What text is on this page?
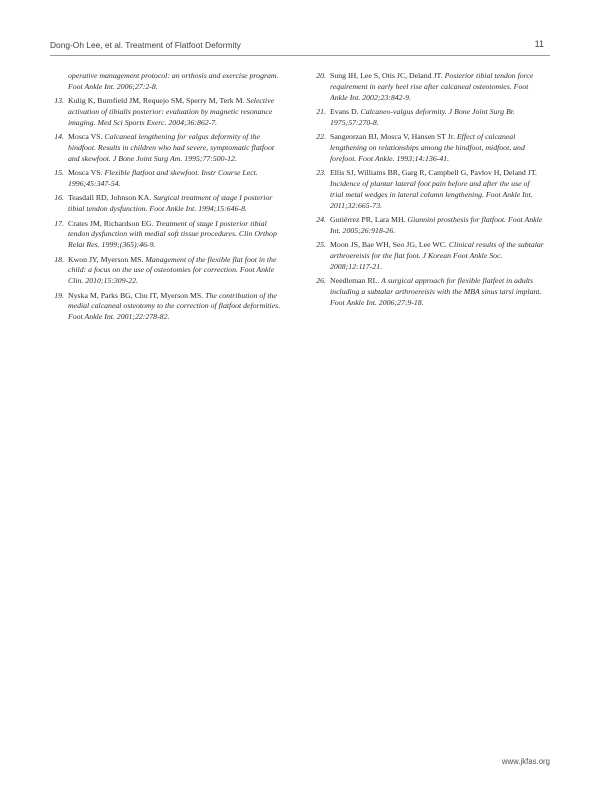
Dong-Oh Lee, et al. Treatment of Flatfoot Deformity	11
operative management protocol: an orthosis and exercise program. Foot Ankle Int. 2006;27:2-8.
13. Kulig K, Burnfield JM, Requejo SM, Sperry M, Terk M. Selective activation of tibialis posterior: evaluation by magnetic resonance imaging. Med Sci Sports Exerc. 2004;36:862-7.
14. Mosca VS. Calcaneal lengthening for valgus deformity of the hindfoot. Results in children who had severe, symptomatic flatfoot and skewfoot. J Bone Joint Surg Am. 1995;77:500-12.
15. Mosca VS. Flexible flatfoot and skewfoot. Instr Course Lect. 1996;45:347-54.
16. Teasdall RD, Johnson KA. Surgical treatment of stage I posterior tibial tendon dysfunction. Foot Ankle Int. 1994;15:646-8.
17. Crates JM, Richardson EG. Treatment of stage I posterior tibial tendon dysfunction with medial soft tissue procedures. Clin Orthop Relat Res. 1999;(365):46-9.
18. Kwon JY, Myerson MS. Management of the flexible flat foot in the child: a focus on the use of osteotomies for correction. Foot Ankle Clin. 2010;15:309-22.
19. Nyska M, Parks BG, Chu IT, Myerson MS. The contribution of the medial calcaneal osteotomy to the correction of flatfoot deformities. Foot Ankle Int. 2001;22:278-82.
20. Sung IH, Lee S, Otis JC, Deland JT. Posterior tibial tendon force requirement in early heel rise after calcaneal osteotomies. Foot Ankle Int. 2002;23:842-9.
21. Evans D. Calcaneo-valgus deformity. J Bone Joint Surg Br. 1975;57:270-8.
22. Sangeorzan BJ, Mosca V, Hansen ST Jr. Effect of calcaneal lengthening on relationships among the hindfoot, midfoot, and forefoot. Foot Ankle. 1993;14:136-41.
23. Ellis SJ, Williams BR, Garg R, Campbell G, Pavlov H, Deland JT. Incidence of plantar lateral foot pain before and after the use of trial metal wedges in lateral column lengthening. Foot Ankle Int. 2011;32:665-73.
24. Gutiérrez PR, Lara MH. Giannini prosthesis for flatfoot. Foot Ankle Int. 2005;26:918-26.
25. Moon JS, Bae WH, Seo JG, Lee WC. Clinical results of the subtalar arthroereisis for the flat foot. J Korean Foot Ankle Soc. 2008;12:117-21.
26. Needleman RL. A surgical approach for flexible flatfeet in adults including a subtalar arthroereisis with the MBA sinus tarsi implant. Foot Ankle Int. 2006;27:9-18.
www.jkfas.org
